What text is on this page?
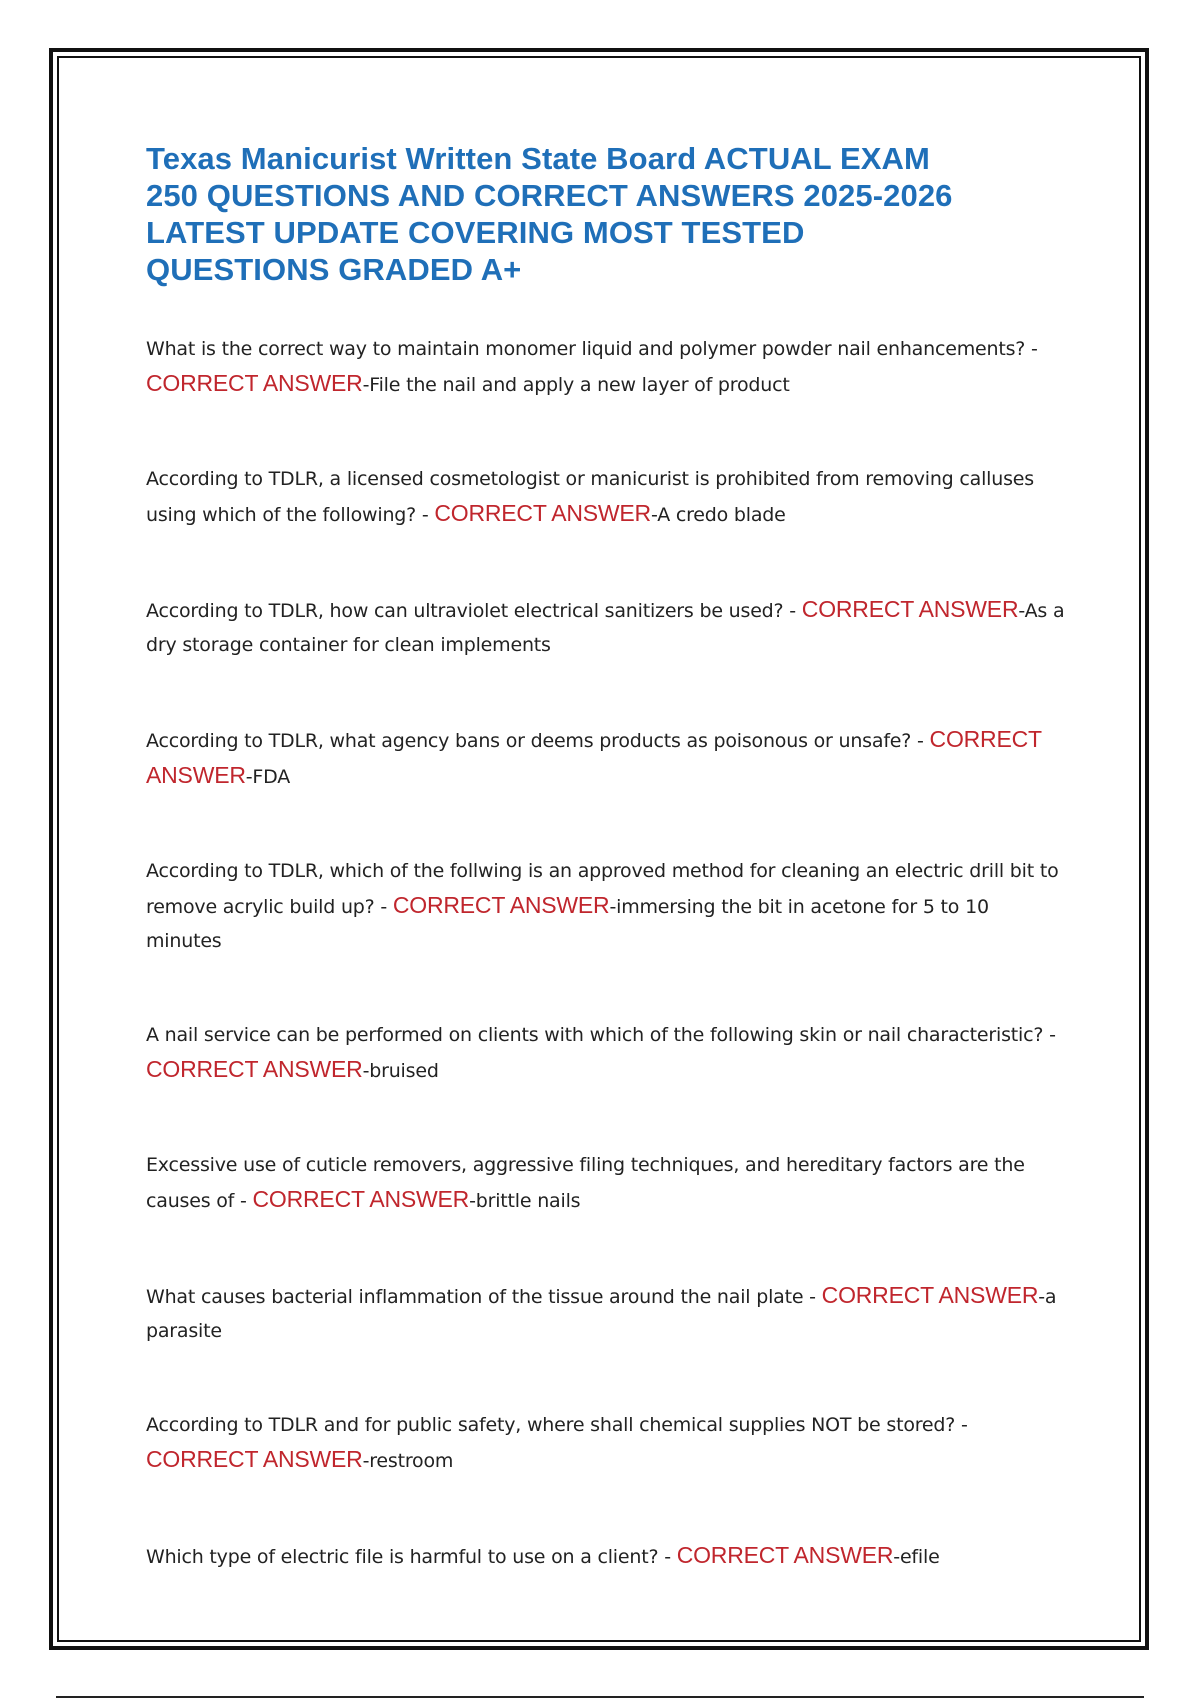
Texas Manicurist Written State Board ACTUAL EXAM
250 QUESTIONS AND CORRECT ANSWERS 2025-2026
LATEST UPDATE COVERING MOST TESTED
QUESTIONS GRADED A+

What is the correct way to maintain monomer liquid and polymer powder nail enhancements? -
CORRECT ANSWER-File the nail and apply a new layer of product

According to TDLR, a licensed cosmetologist or manicurist is prohibited from removing calluses using which of the following? - CORRECT ANSWER-A credo blade

According to TDLR, how can ultraviolet electrical sanitizers be used? - CORRECT ANSWER-As a dry storage container for clean implements

According to TDLR, what agency bans or deems products as poisonous or unsafe? - CORRECT ANSWER-FDA

According to TDLR, which of the follwing is an approved method for cleaning an electric drill bit to remove acrylic build up? - CORRECT ANSWER-immersing the bit in acetone for 5 to 10 minutes

A nail service can be performed on clients with which of the following skin or nail characteristic? -
CORRECT ANSWER-bruised

Excessive use of cuticle removers, aggressive filing techniques, and hereditary factors are the causes of - CORRECT ANSWER-brittle nails

What causes bacterial inflammation of the tissue around the nail plate - CORRECT ANSWER-a parasite

According to TDLR and for public safety, where shall chemical supplies NOT be stored? - CORRECT ANSWER-restroom

Which type of electric file is harmful to use on a client? - CORRECT ANSWER-efile
